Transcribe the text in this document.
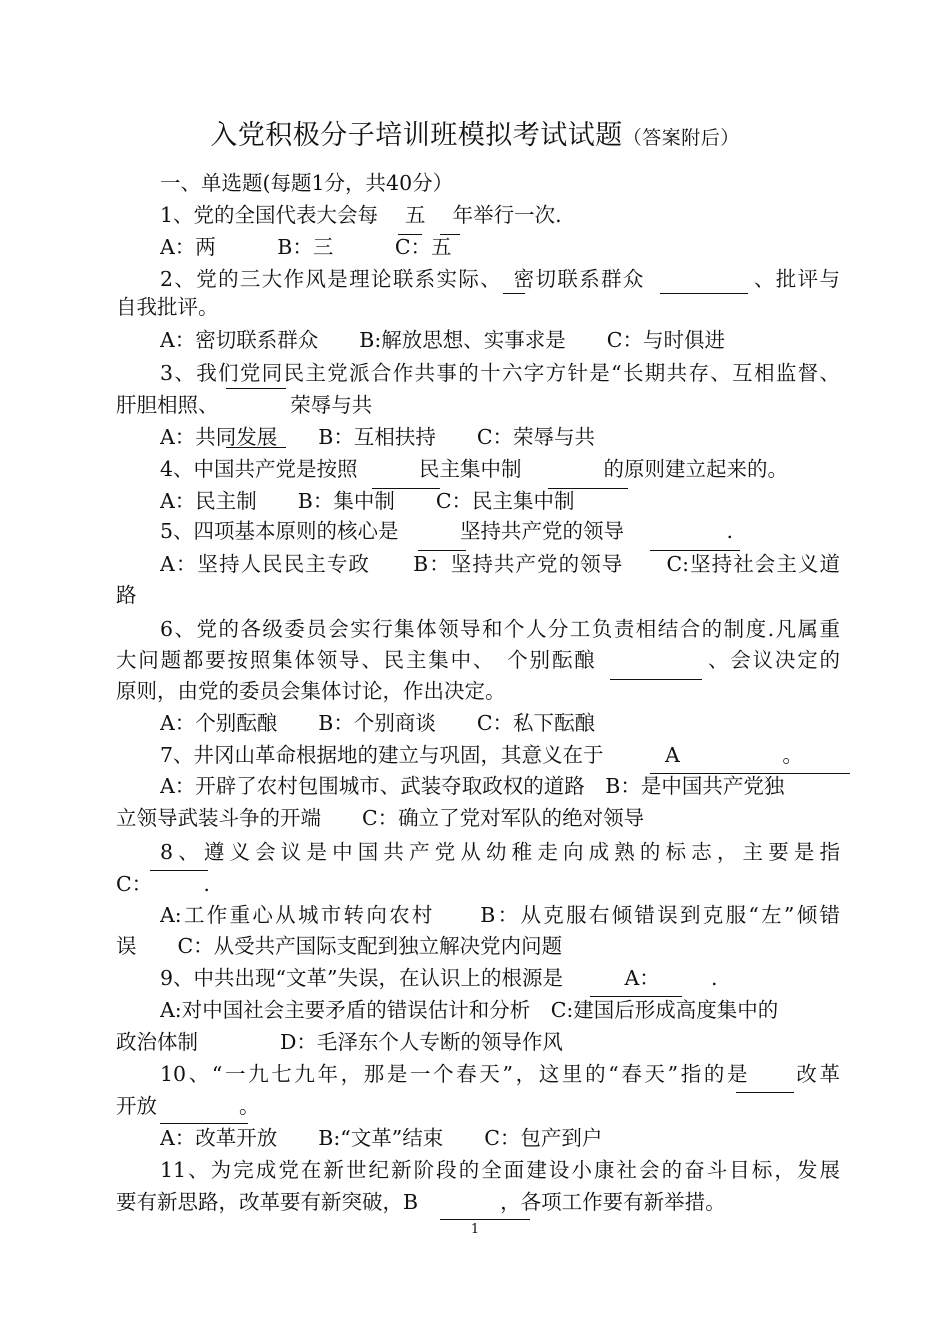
入党积极分子培训班模拟考试试题（答案附后）
一、单选题(每题1分，共40分）
1、党的全国代表大会每　 五　 年举行一次.
A：两　　　B：三　　　C：五
2、党的三大作风是理论联系实际、　密切联系群众　　　　　、批评与
自我批评。
A：密切联系群众　　B:解放思想、实事求是　　C：与时俱进
3、我们党同民主党派合作共事的十六字方针是“长期共存、互相监督、
肝胆相照、　　　　荣辱与共
A：共同发展　　B：互相扶持　　C：荣辱与共
4、中国共产党是按照　　　民主集中制　　　　的原则建立起来的。
A：民主制　　B：集中制　　C：民主集中制
5、四项基本原则的核心是　　　坚持共产党的领导　　　　　.
A：坚持人民民主专政　　B：坚持共产党的领导　　C:坚持社会主义道
路
6、党的各级委员会实行集体领导和个人分工负责相结合的制度.凡属重
大问题都要按照集体领导、民主集中、　个别酝酿　　　　　、会议决定的
原则，由党的委员会集体讨论，作出决定。
A：个别酝酿　　B：个别商谈　　C：私下酝酿
7、井冈山革命根据地的建立与巩固，其意义在于　　　A　　　　　。
A：开辟了农村包围城市、武装夺取政权的道路　B：是中国共产党独
立领导武装斗争的开端　　C：确立了党对军队的绝对领导
8、遵义会议是中国共产党从幼稚走向成熟的标志，主要是指
C：　　　.
A:工作重心从城市转向农村　　B：从克服右倾错误到克服“左”倾错
误　　C：从受共产国际支配到独立解决党内问题
9、中共出现“文革”失误，在认识上的根源是　　　A：　　　.
A:对中国社会主要矛盾的错误估计和分析　C:建国后形成高度集中的
政治体制　　　　D：毛泽东个人专断的领导作风
10、“一九七九年，那是一个春天”，这里的“春天”指的是　　改革
开放　　　　。
A：改革开放　　B:“文革”结束　　C：包产到户
11、为完成党在新世纪新阶段的全面建设小康社会的奋斗目标，发展
要有新思路，改革要有新突破，B　　　　，各项工作要有新举措。
1
